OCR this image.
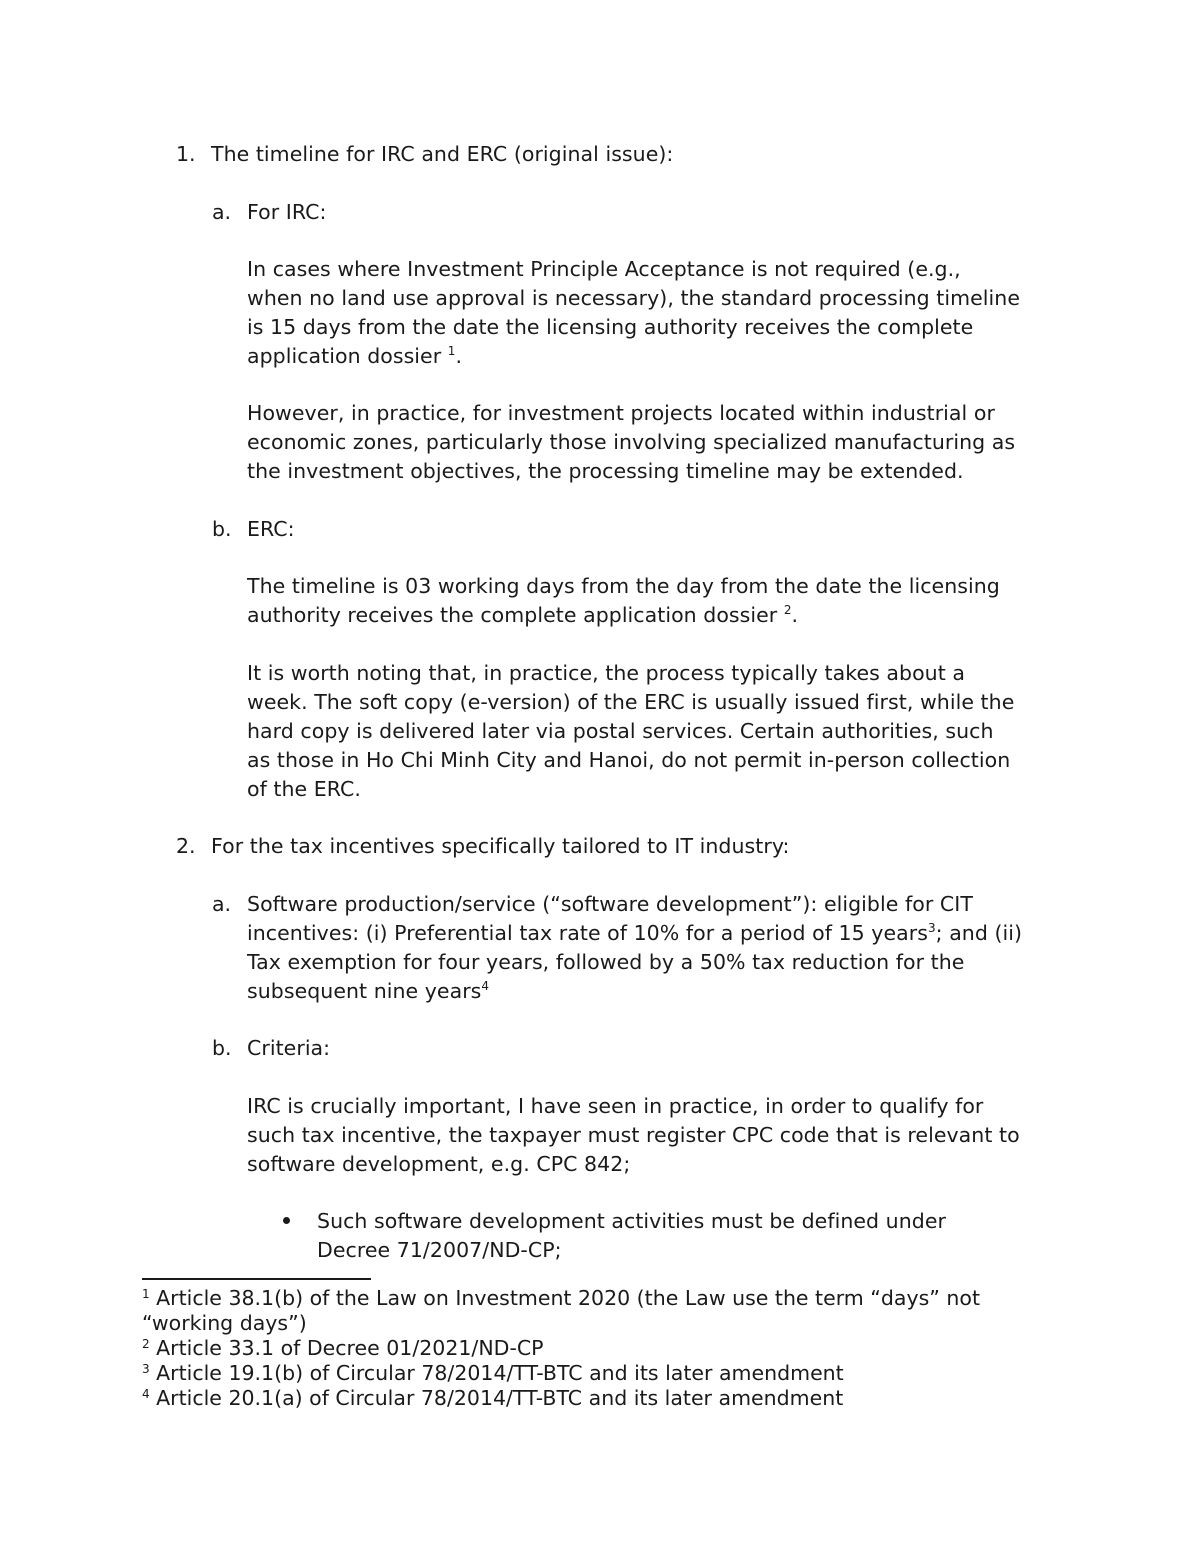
1. The timeline for IRC and ERC (original issue):
a. For IRC:
In cases where Investment Principle Acceptance is not required (e.g.,
when no land use approval is necessary), the standard processing timeline
is 15 days from the date the licensing authority receives the complete
application dossier $^1$.
However, in practice, for investment projects located within industrial or
economic zones, particularly those involving specialized manufacturing as
the investment objectives, the processing timeline may be extended.
b. ERC:
The timeline is 03 working days from the day from the date the licensing
authority receives the complete application dossier $^2$.
It is worth noting that, in practice, the process typically takes about a
week. The soft copy (e-version) of the ERC is usually issued first, while the
hard copy is delivered later via postal services. Certain authorities, such
as those in Ho Chi Minh City and Hanoi, do not permit in-person collection
of the ERC.
2. For the tax incentives specifically tailored to IT industry:
a. Software production/service (“software development”): eligible for CIT
incentives: (i) Preferential tax rate of 10% for a period of 15 years$^3$; and (ii)
Tax exemption for four years, followed by a 50% tax reduction for the
subsequent nine years$^4$
b. Criteria:
IRC is crucially important, I have seen in practice, in order to qualify for
such tax incentive, the taxpayer must register CPC code that is relevant to
software development, e.g. CPC 842;
Such software development activities must be defined under
Decree 71/2007/ND-CP;
$^1$ Article 38.1(b) of the Law on Investment 2020 (the Law use the term “days” not
“working days”)
$^2$ Article 33.1 of Decree 01/2021/ND-CP
$^3$ Article 19.1(b) of Circular 78/2014/TT-BTC and its later amendment
$^4$ Article 20.1(a) of Circular 78/2014/TT-BTC and its later amendment
